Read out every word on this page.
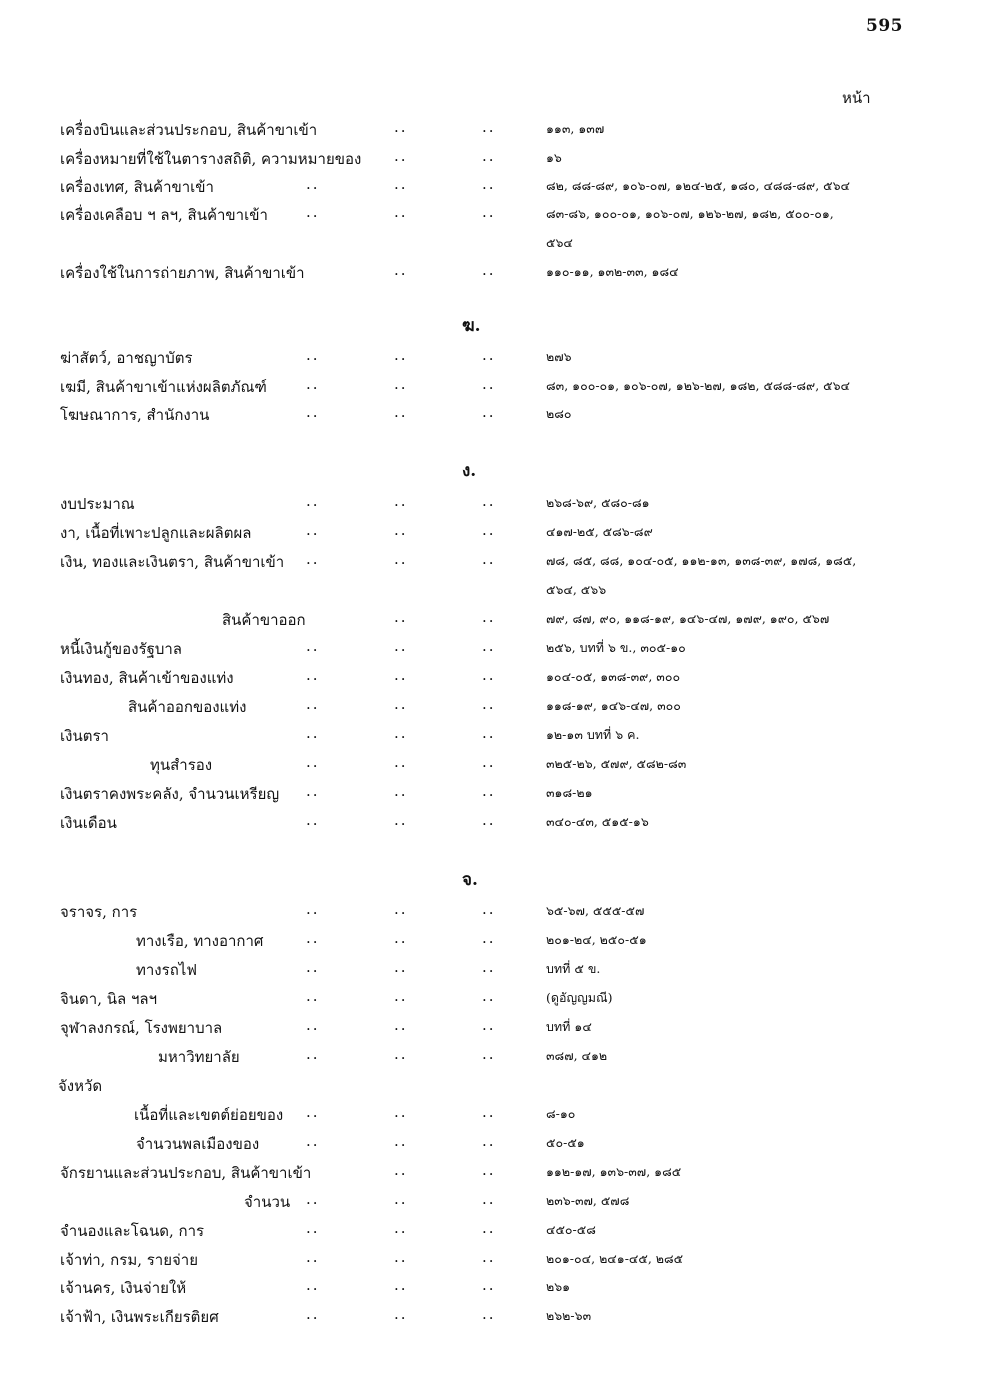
595
หน้า
ฆ.
ง.
จ.
เครื่องบินและส่วนประกอบ, สินค้าขาเข้า	..	..	๑๑๓, ๑๓๗
เครื่องหมายที่ใช้ในตารางสถิติ, ความหมายของ ..	..	๑๖
เครื่องเทศ, สินค้าขาเข้า	..	..	..	๘๒, ๘๘-๘๙, ๑๐๖-๐๗, ๑๒๔-๒๕, ๑๘๐, ๔๘๘-๘๙, ๕๖๔
เครื่องเคลือบ ฯ ลฯ, สินค้าขาเข้า	..	..	..	๘๓-๘๖, ๑๐๐-๐๑, ๑๐๖-๐๗, ๑๒๖-๒๗, ๑๘๒, ๕๐๐-๐๑,
๕๖๔
เครื่องใช้ในการถ่ายภาพ, สินค้าขาเข้า	..	..	๑๑๐-๑๑, ๑๓๒-๓๓, ๑๘๔
ฆ่าสัตว์, อาชญาบัตร	..	..	..	๒๗๖
เฆมี, สินค้าขาเข้าแห่งผลิตภัณฑ์	..	..	..	๘๓, ๑๐๐-๐๑, ๑๐๖-๐๗, ๑๒๖-๒๗, ๑๘๒, ๕๘๘-๘๙, ๕๖๔
โฆษณาการ, สำนักงาน	..	..	..	๒๘๐
งบประมาณ	..	..	..	๒๖๘-๖๙, ๕๘๐-๘๑
งา, เนื้อที่เพาะปลูกและผลิตผล	..	..	..	๔๑๗-๒๕, ๕๘๖-๘๙
เงิน, ทองและเงินตรา, สินค้าขาเข้า ..	..	..	๗๘, ๘๕, ๘๘, ๑๐๔-๐๕, ๑๑๒-๑๓, ๑๓๘-๓๙, ๑๗๘, ๑๘๕,
๕๖๔, ๕๖๖
สินค้าขาออก	..	..	๗๙, ๘๗, ๙๐, ๑๑๘-๑๙, ๑๔๖-๔๗, ๑๗๙, ๑๙๐, ๕๖๗
หนี้เงินกู้ของรัฐบาล	..	..	..	๒๕๖, บทที่ ๖ ข., ๓๐๕-๑๐
เงินทอง, สินค้าเข้าของแท่ง	..	..	..	๑๐๔-๐๕, ๑๓๘-๓๙, ๓๐๐
สินค้าออกของแท่ง	..	..	..	๑๑๘-๑๙, ๑๔๖-๔๗, ๓๐๐
เงินตรา	..	..	..	๑๒-๑๓ บทที่ ๖ ค.
ทุนสำรอง	..	..	..	๓๒๕-๒๖, ๕๗๙, ๕๘๒-๘๓
เงินตราคงพระคลัง, จำนวนเหรียญ ..	..	..	๓๑๘-๒๑
เงินเดือน	..	..	..	๓๔๐-๔๓, ๕๑๕-๑๖
จราจร, การ	..	..	..	๖๕-๖๗, ๕๕๕-๕๗
ทางเรือ, ทางอากาศ	..	..	..	๒๐๑-๒๔, ๒๕๐-๕๑
ทางรถไฟ	..	..	..	บทที่ ๕ ข.
จินดา, นิล ฯลฯ	..	..	..	(ดูอัญญมณี)
จุฬาลงกรณ์, โรงพยาบาล	..	..	..	บทที่ ๑๔
มหาวิทยาลัย	..	..	..	๓๘๗, ๔๑๒
จังหวัด
เนื้อที่และเขตต์ย่อยของ ..	..	..	๘-๑๐
จำนวนพลเมืองของ	..	..	..	๕๐-๕๑
จักรยานและส่วนประกอบ, สินค้าขาเข้า	..	..	๑๑๒-๑๗, ๑๓๖-๓๗, ๑๘๕
จำนวน ..	..	..	๒๓๖-๓๗, ๕๗๘
จำนองและโฉนด, การ	..	..	..	๔๕๐-๕๘
เจ้าท่า, กรม, รายจ่าย	..	..	..	๒๐๑-๐๔, ๒๔๑-๔๕, ๒๘๕
เจ้านคร, เงินจ่ายให้	..	..	..	๒๖๑
เจ้าฟ้า, เงินพระเกียรติยศ	..	..	..	๒๖๒-๖๓
